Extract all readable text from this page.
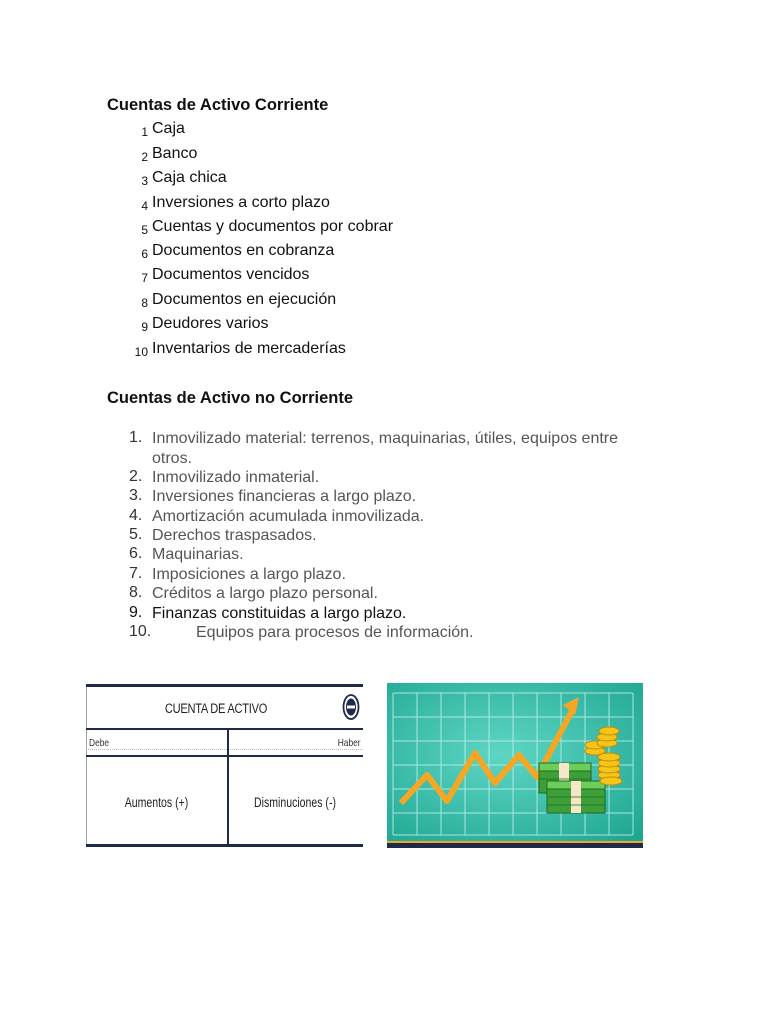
Cuentas de Activo Corriente
1 Caja
2 Banco
3 Caja chica
4 Inversiones a corto plazo
5 Cuentas y documentos por cobrar
6 Documentos en cobranza
7 Documentos vencidos
8 Documentos en ejecución
9 Deudores varios
10 Inventarios de mercaderías
Cuentas de Activo no Corriente
1. Inmovilizado material: terrenos, maquinarias, útiles, equipos entre otros.
2. Inmovilizado inmaterial.
3. Inversiones financieras a largo plazo.
4. Amortización acumulada inmovilizada.
5. Derechos traspasados.
6. Maquinarias.
7. Imposiciones a largo plazo.
8. Créditos a largo plazo personal.
9. Finanzas constituidas a largo plazo.
10.	Equipos para procesos de información.
CUENTA DE ACTIVO
Debe	Haber
Aumentos (+)	Disminuciones (-)
